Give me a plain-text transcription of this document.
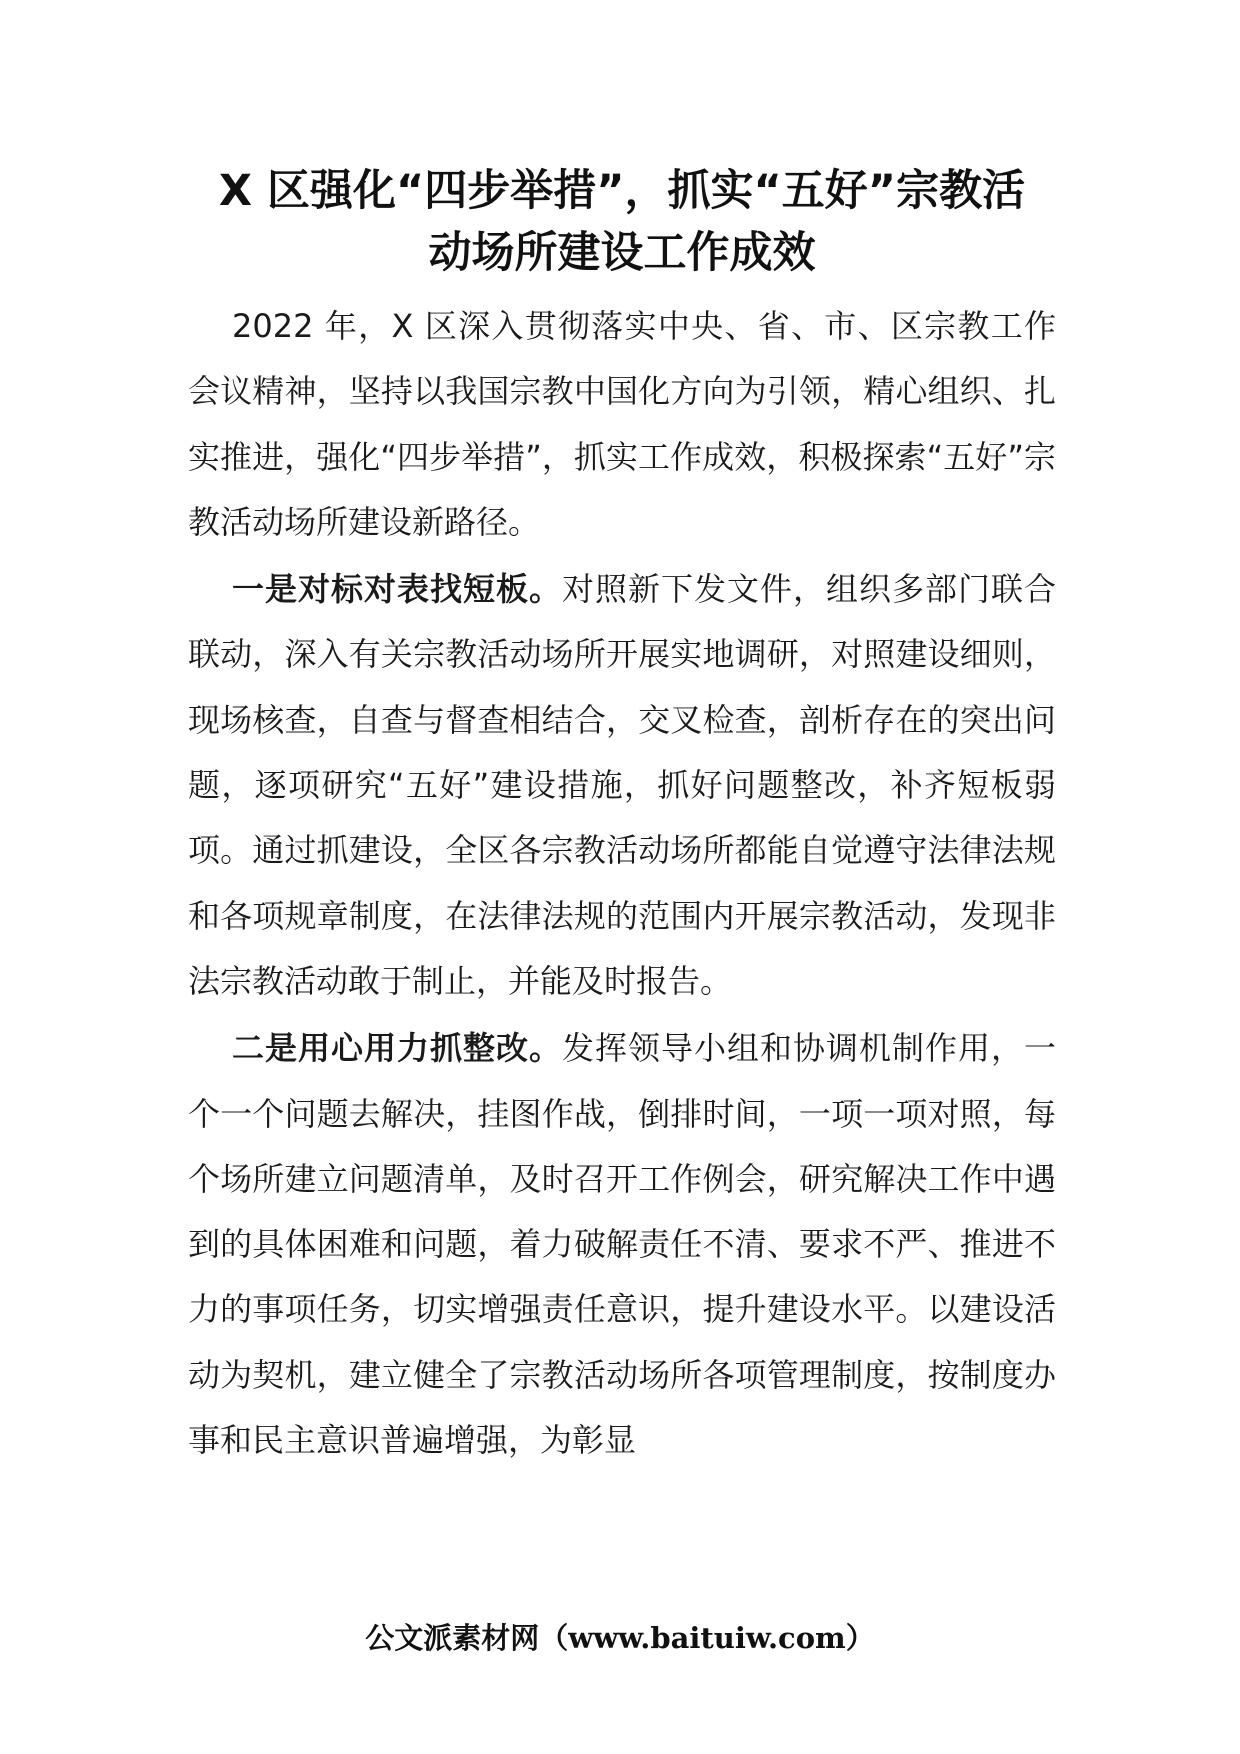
X 区强化“四步举措”，抓实“五好”宗教活
动场所建设工作成效

2022 年，X 区深入贯彻落实中央、省、市、区宗教工作会议精神，坚持以我国宗教中国化方向为引领，精心组织、扎实推进，强化“四步举措”，抓实工作成效，积极探索“五好”宗教活动场所建设新路径。

一是对标对表找短板。对照新下发文件，组织多部门联合联动，深入有关宗教活动场所开展实地调研，对照建设细则，现场核查，自查与督查相结合，交叉检查，剖析存在的突出问题，逐项研究“五好”建设措施，抓好问题整改，补齐短板弱项。通过抓建设，全区各宗教活动场所都能自觉遵守法律法规和各项规章制度，在法律法规的范围内开展宗教活动，发现非法宗教活动敢于制止，并能及时报告。

二是用心用力抓整改。发挥领导小组和协调机制作用，一个一个问题去解决，挂图作战，倒排时间，一项一项对照，每个场所建立问题清单，及时召开工作例会，研究解决工作中遇到的具体困难和问题，着力破解责任不清、要求不严、推进不力的事项任务，切实增强责任意识，提升建设水平。以建设活动为契机，建立健全了宗教活动场所各项管理制度，按制度办事和民主意识普遍增强，为彰显

公文派素材网（www.baituiw.com）
